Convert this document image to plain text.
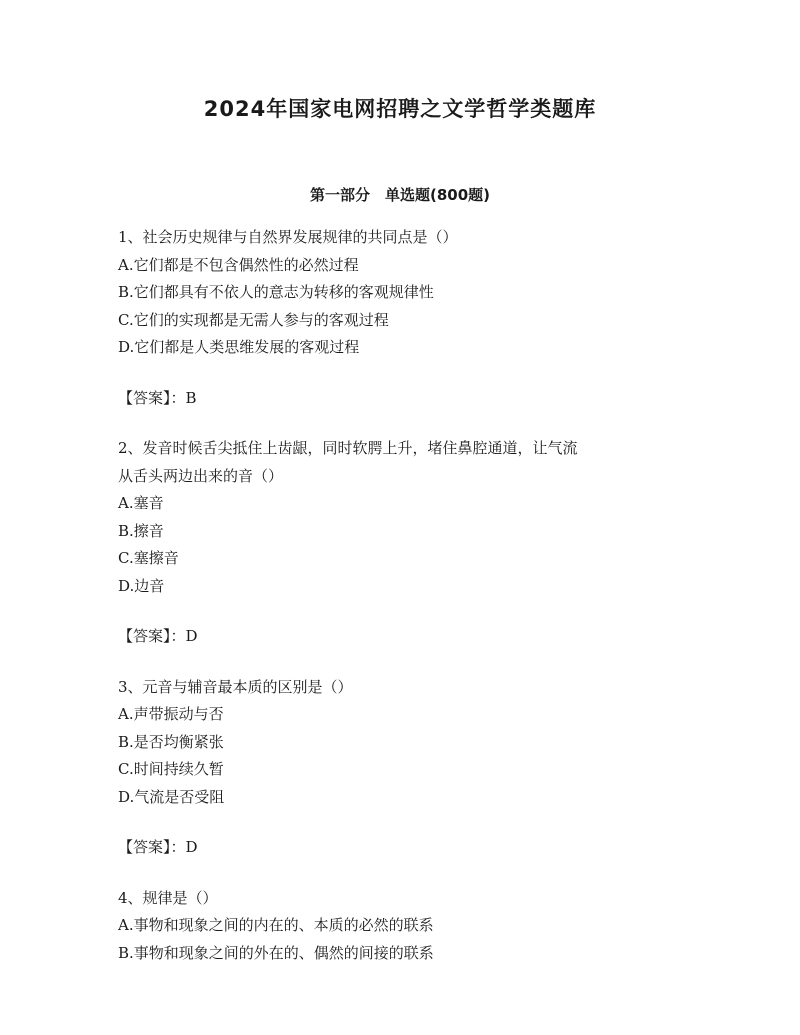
2024年国家电网招聘之文学哲学类题库
第一部分　单选题(800题)

1、社会历史规律与自然界发展规律的共同点是（）

A.它们都是不包含偶然性的必然过程

B.它们都具有不依人的意志为转移的客观规律性

C.它们的实现都是无需人参与的客观过程

D.它们都是人类思维发展的客观过程

【答案】：B

2、发音时候舌尖抵住上齿龈，同时软腭上升，堵住鼻腔通道，让气流

从舌头两边出来的音（）

A.塞音

B.擦音

C.塞擦音

D.边音

【答案】：D

3、元音与辅音最本质的区别是（）

A.声带振动与否

B.是否均衡紧张

C.时间持续久暂

D.气流是否受阻

【答案】：D

4、规律是（）

A.事物和现象之间的内在的、本质的必然的联系

B.事物和现象之间的外在的、偶然的间接的联系
